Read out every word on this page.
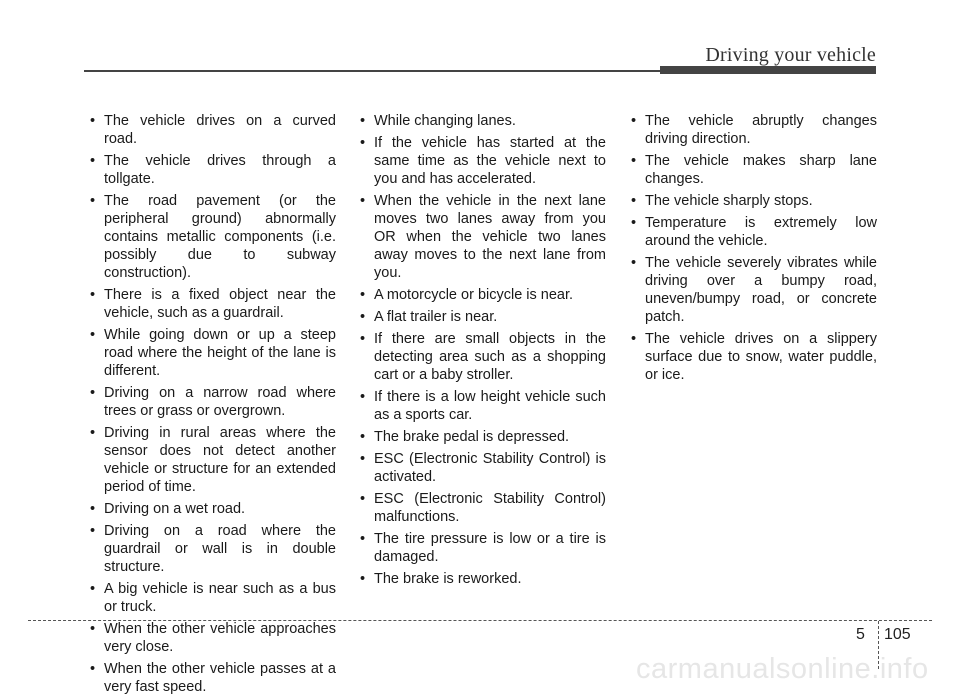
Driving your vehicle
• The vehicle drives on a curved road.
• The vehicle drives through a tollgate.
• The road pavement (or the peripheral ground) abnormally contains metallic components (i.e. possibly due to subway construction).
• There is a fixed object near the vehicle, such as a guardrail.
• While going down or up a steep road where the height of the lane is different.
• Driving on a narrow road where trees or grass or overgrown.
• Driving in rural areas where the sensor does not detect another vehicle or structure for an extended period of time.
• Driving on a wet road.
• Driving on a road where the guardrail or wall is in double structure.
• A big vehicle is near such as a bus or truck.
• When the other vehicle approaches very close.
• When the other vehicle passes at a very fast speed.
• While changing lanes.
• If the vehicle has started at the same time as the vehicle next to you and has accelerated.
• When the vehicle in the next lane moves two lanes away from you OR when the vehicle two lanes away moves to the next lane from you.
• A motorcycle or bicycle is near.
• A flat trailer is near.
• If there are small objects in the detecting area such as a shopping cart or a baby stroller.
• If there is a low height vehicle such as a sports car.
• The brake pedal is depressed.
• ESC (Electronic Stability Control) is activated.
• ESC (Electronic Stability Control) malfunctions.
• The tire pressure is low or a tire is damaged.
• The brake is reworked.
• The vehicle abruptly changes driving direction.
• The vehicle makes sharp lane changes.
• The vehicle sharply stops.
• Temperature is extremely low around the vehicle.
• The vehicle severely vibrates while driving over a bumpy road, uneven/bumpy road, or concrete patch.
• The vehicle drives on a slippery surface due to snow, water puddle, or ice.
5 105
carmanualsonline.info
